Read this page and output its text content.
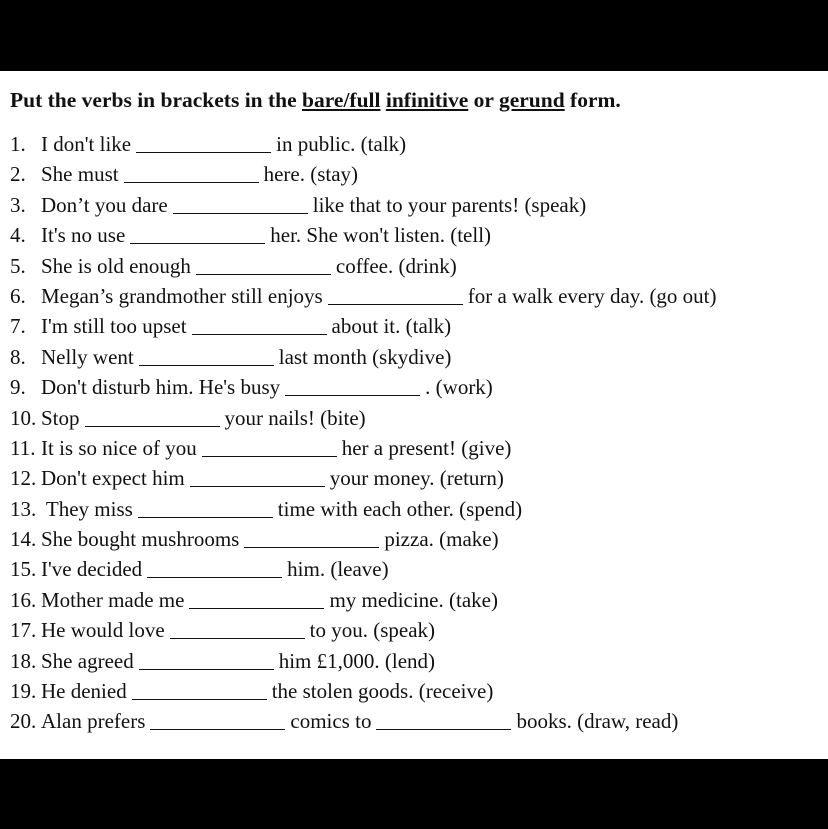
Put the verbs in brackets in the bare/full infinitive or gerund form.
1. I don't like	in public. (talk)
2. She must	here. (stay)
3. Don’t you dare	like that to your parents! (speak)
4. It's no use	her. She won't listen. (tell)
5. She is old enough	coffee. (drink)
6. Megan’s grandmother still enjoys	for a walk every day. (go out)
7. I'm still too upset	about it. (talk)
8. Nelly went	last month (skydive)
9. Don't disturb him. He's busy	. (work)
10. Stop	your nails! (bite)
11. It is so nice of you	her a present! (give)
12. Don't expect him	your money. (return)
13. They miss	time with each other. (spend)
14. She bought mushrooms	pizza. (make)
15. I've decided	him. (leave)
16. Mother made me	my medicine. (take)
17. He would love	to you. (speak)
18. She agreed	him £1,000. (lend)
19. He denied	the stolen goods. (receive)
20. Alan prefers	comics to	books. (draw, read)
